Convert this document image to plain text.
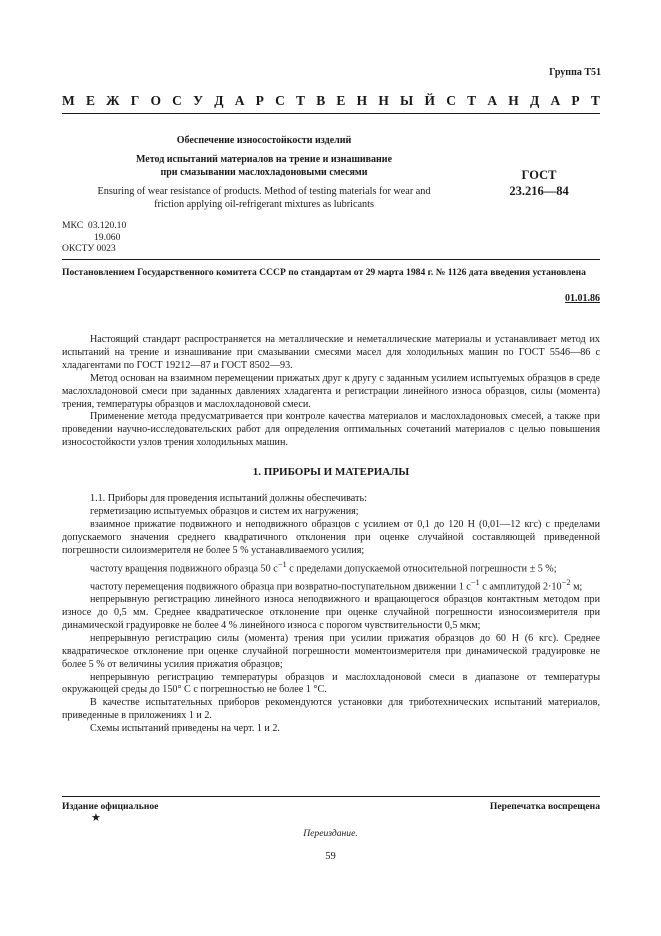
Группа Т51
М Е Ж Г О С У Д А Р С Т В Е Н Н Ы Й С Т А Н Д А Р Т
Обеспечение износостойкости изделий
Метод испытаний материалов на трение и изнашивание
при смазывании маслохладоновыми смесями
Ensuring of wear resistance of products. Method of testing materials for wear and
friction applying oil-refrigerant mixtures as lubricants
ГОСТ
23.216—84
МКС 03.120.10
19.060
ОКСТУ 0023
Постановлением Государственного комитета СССР по стандартам от 29 марта 1984 г. № 1126 дата введения установлена
01.01.86

Настоящий стандарт распространяется на металлические и неметаллические материалы и устанавливает метод их испытаний на трение и изнашивание при смазывании смесями масел для холодильных машин по ГОСТ 5546—86 с хладагентами по ГОСТ 19212—87 и ГОСТ 8502—93.

Метод основан на взаимном перемещении прижатых друг к другу с заданным усилием испытуемых образцов в среде маслохладоновой смеси при заданных давлениях хладагента и регистрации линейного износа образцов, силы (момента) трения, температуры образцов и маслохладоновой смеси.

Применение метода предусматривается при контроле качества материалов и маслохладоновых смесей, а также при проведении научно-исследовательских работ для определения оптимальных сочетаний материалов с целью повышения износостойкости узлов трения холодильных машин.

1. ПРИБОРЫ И МАТЕРИАЛЫ

1.1. Приборы для проведения испытаний должны обеспечивать:

герметизацию испытуемых образцов и систем их нагружения;

взаимное прижатие подвижного и неподвижного образцов с усилием от 0,1 до 120 Н (0,01—12 кгс) с пределами допускаемого значения среднего квадратичного отклонения при оценке случайной составляющей приведенной погрешности силоизмерителя не более 5 % устанавливаемого усилия;

частоту вращения подвижного образца 50 $с^{-1}$ с пределами допускаемой относительной погрешности ± 5 %;

частоту перемещения подвижного образца при возвратно-поступательном движении 1 $с^{-1}$ с амплитудой $2\cdot 10^{-2}$ м;

непрерывную регистрацию линейного износа неподвижного и вращающегося образцов контактным методом при износе до 0,5 мм. Среднее квадратическое отклонение при оценке случайной погрешности износоизмерителя при динамической градуировке не более 4 % линейного износа с порогом чувствительности 0,5 мкм;

непрерывную регистрацию силы (момента) трения при усилии прижатия образцов до 60 Н (6 кгс). Среднее квадратическое отклонение при оценке случайной погрешности моментоизмерителя при динамической градуировке не более 5 % от величины усилия прижатия образцов;

непрерывную регистрацию температуры образцов и маслохладоновой смеси в диапазоне от температуры окружающей среды до 150° С с погрешностью не более 1 °С.

В качестве испытательных приборов рекомендуются установки для триботехнических испытаний материалов, приведенные в приложениях 1 и 2.

Схемы испытаний приведены на черт. 1 и 2.

Издание официальное
★
Перепечатка воспрещена
Переиздание.
59
